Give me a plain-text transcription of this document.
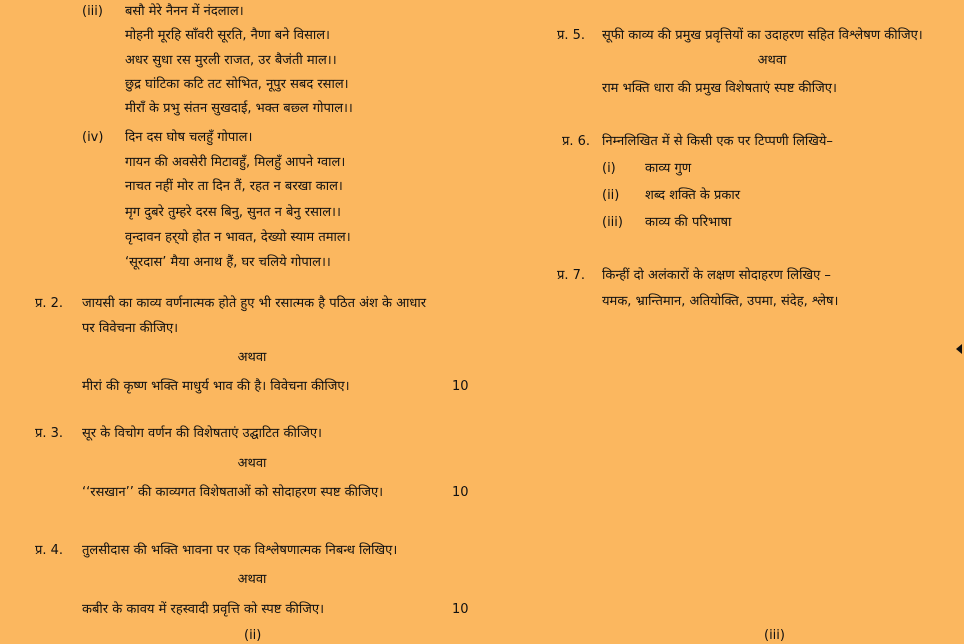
(iii) बसौ मेरे नैनन में नंदलाल।
मोहनी मूरहि साँवरी सूरति, नैणा बने विसाल।
अधर सुधा रस मुरली राजत, उर बैजंती माल।।
छुद्र घांटिका कटि तट सोभित, नूपुर सबद रसाल।
मीराँ के प्रभु संतन सुखदाई, भक्त बछ्ल गोपाल।।
(iv) दिन दस घोष चलहुँ गोपाल।
गायन की अवसेरी मिटावहुँ, मिलहुँ आपने ग्वाल।
नाचत नहीं मोर ता दिन तैं, रहत न बरखा काल।
मृग दुबरे तुम्हरे दरस बिनु, सुनत न बेनु रसाल।।
वृन्दावन हर्‌यो होत न भावत, देख्यो स्याम तमाल।
‘सूरदास’ मैया अनाथ हैं, घर चलिये गोपाल।।
प्र. 2. जायसी का काव्य वर्णनात्मक होते हुए भी रसात्मक है पठित अंश के आधार
पर विवेचना कीजिए।
अथवा
मीरां की कृष्ण भक्ति माधुर्य भाव की है। विवेचना कीजिए।	10
प्र. 3. सूर के विचोग वर्णन की विशेषताएं उद्घाटित कीजिए।
अथवा
‘‘रसखान’’ की काव्यगत विशेषताओं को सोदाहरण स्पष्ट कीजिए।	10
प्र. 4. तुलसीदास की भक्ति भावना पर एक विश्लेषणात्मक निबन्ध लिखिए।
अथवा
कबीर के कावय में रहस्वादी प्रवृत्ति को स्पष्ट कीजिए।	10
प्र. 5. सूफी काव्य की प्रमुख प्रवृत्तियों का उदाहरण सहित विश्लेषण कीजिए।
अथवा
राम भक्ति धारा की प्रमुख विशेषताएं स्पष्ट कीजिए।
प्र. 6. निम्नलिखित में से किसी एक पर टिप्पणी लिखिये–
(i) काव्य गुण
(ii) शब्द शक्ति के प्रकार
(iii) काव्य की परिभाषा
प्र. 7. किन्हीं दो अलंकारों के लक्षण सोदाहरण लिखिए –
यमक, भ्रान्तिमान, अतियोक्ति, उपमा, संदेह, श्लेष।
(ii)	(iii)
